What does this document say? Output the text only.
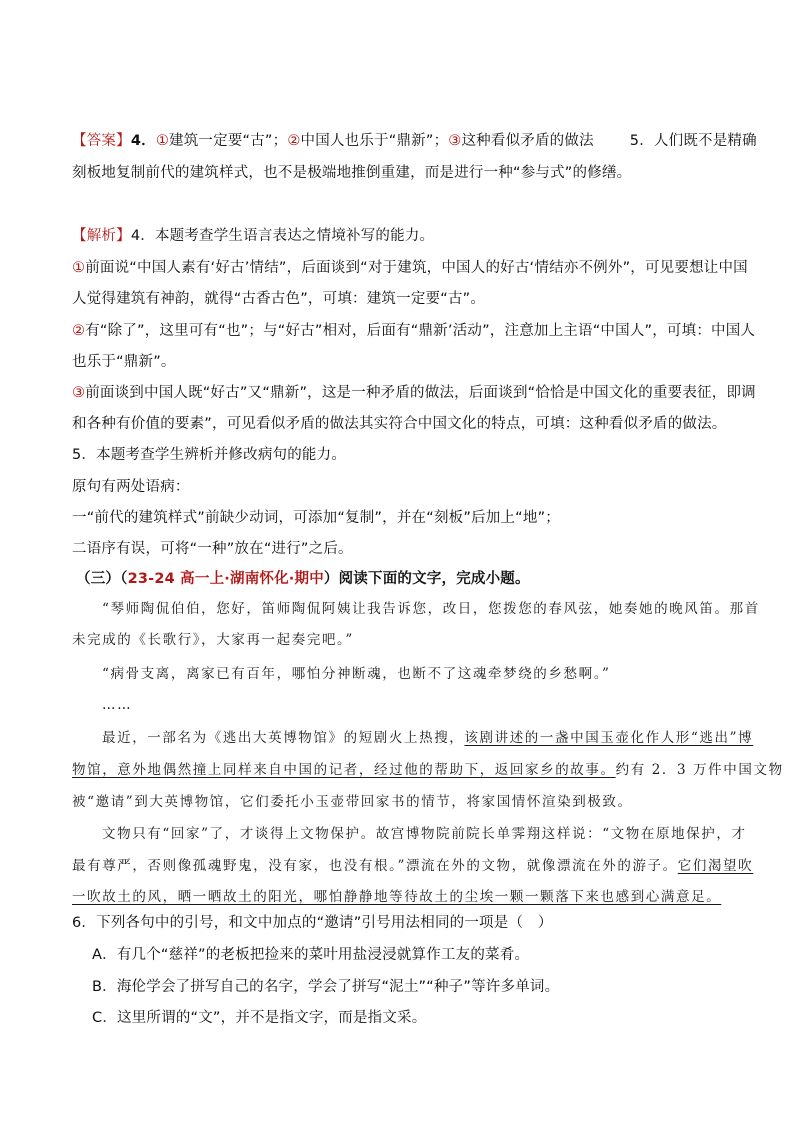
【答案】4．①建筑一定要“古”；②中国人也乐于“鼎新”；③这种看似矛盾的做法 5．人们既不是精确
刻板地复制前代的建筑样式，也不是极端地推倒重建，而是进行一种“参与式”的修缮。
【解析】4．本题考查学生语言表达之情境补写的能力。
①前面说“中国人素有‘好古’情结”，后面谈到“对于建筑，中国人的好古‘情结亦不例外”，可见要想让中国
人觉得建筑有神韵，就得“古香古色”，可填：建筑一定要“古”。
②有“除了”，这里可有“也”；与“好古”相对，后面有“鼎新’活动”，注意加上主语“中国人”，可填：中国人
也乐于“鼎新”。
③前面谈到中国人既“好古”又“鼎新”，这是一种矛盾的做法，后面谈到“恰恰是中国文化的重要表征，即调
和各种有价值的要素”，可见看似矛盾的做法其实符合中国文化的特点，可填：这种看似矛盾的做法。
5．本题考查学生辨析并修改病句的能力。
原句有两处语病：
一“前代的建筑样式”前缺少动词，可添加“复制”，并在“刻板”后加上“地”；
二语序有误，可将“一种”放在“进行”之后。
（三）（23-24 高一上·湖南怀化·期中）阅读下面的文字，完成小题。
“琴师陶侃伯伯，您好，笛师陶侃阿姨让我告诉您，改日，您拨您的春风弦，她奏她的晚风笛。那首
未完成的《长歌行》，大家再一起奏完吧。”
“病骨支离，离家已有百年，哪怕分神断魂，也断不了这魂牵梦绕的乡愁啊。”
……
最近，一部名为《逃出大英博物馆》的短剧火上热搜，该剧讲述的一盏中国玉壶化作人形“逃出”博
物馆，意外地偶然撞上同样来自中国的记者，经过他的帮助下，返回家乡的故事。约有 2．3 万件中国文物
被“邀请”到大英博物馆，它们委托小玉壶带回家书的情节，将家国情怀渲染到极致。
文物只有“回家”了，才谈得上文物保护。故宫博物院前院长单霁翔这样说：“文物在原地保护，才
最有尊严，否则像孤魂野鬼，没有家，也没有根。”漂流在外的文物，就像漂流在外的游子。它们渴望吹
一吹故土的风，晒一晒故土的阳光，哪怕静静地等待故土的尘埃一颗一颗落下来也感到心满意足。
6．下列各句中的引号，和文中加点的“邀请”引号用法相同的一项是（　）
A．有几个“慈祥”的老板把捡来的菜叶用盐浸浸就算作工友的菜肴。
B．海伦学会了拼写自己的名字，学会了拼写“泥土”“种子”等许多单词。
C．这里所谓的“文”，并不是指文字，而是指文采。
